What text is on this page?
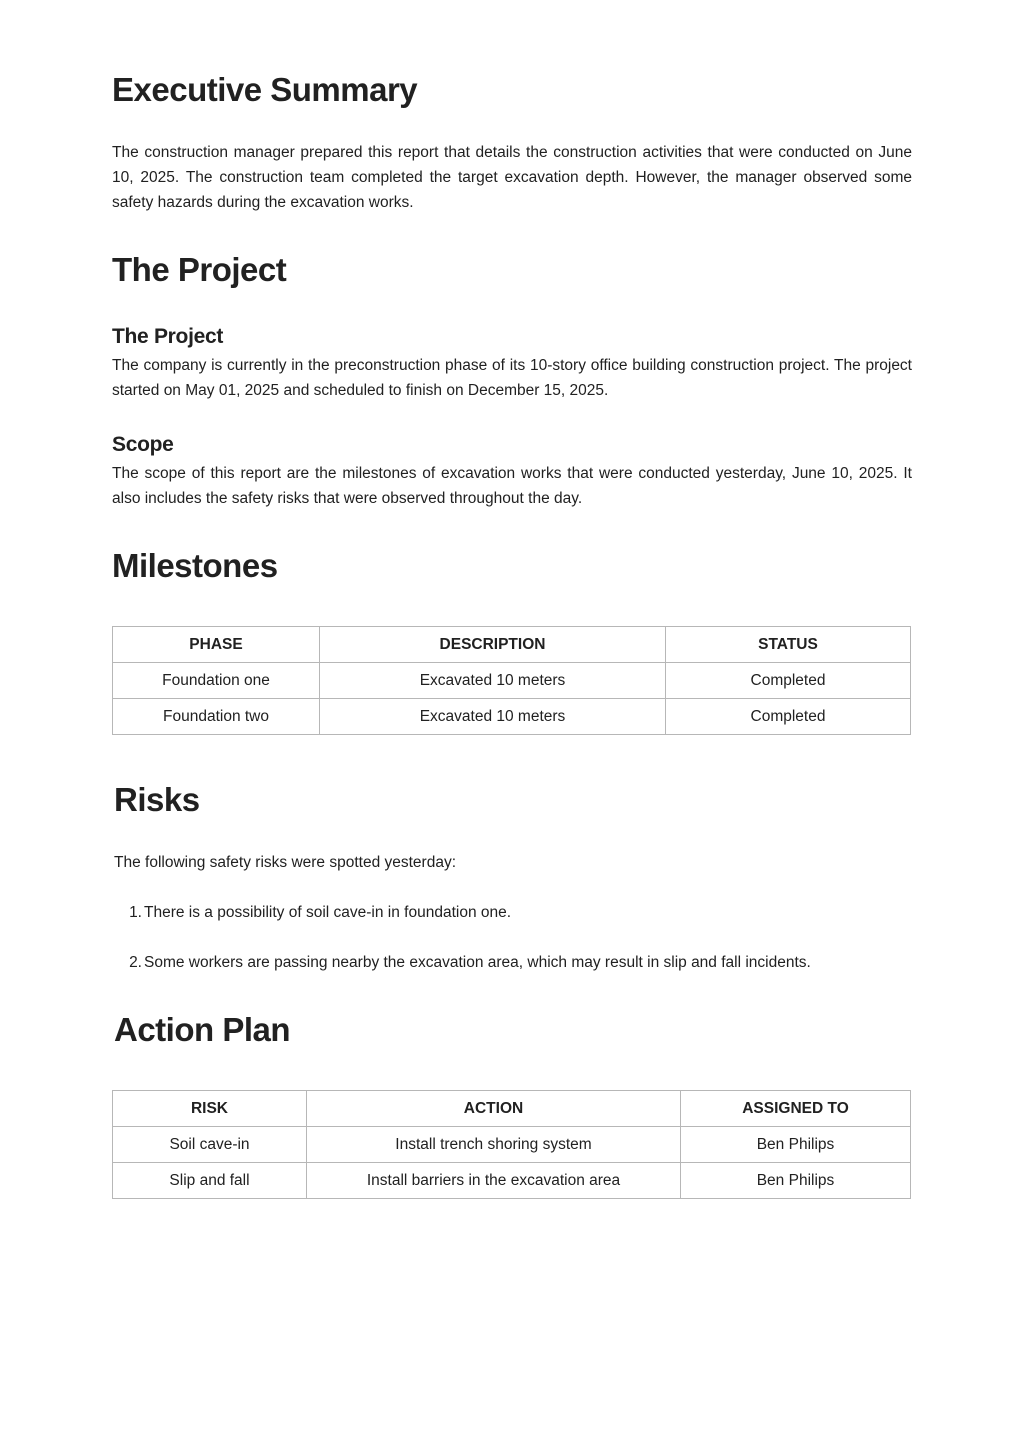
Executive Summary

The construction manager prepared this report that details the construction activities that were conducted on June 10, 2025. The construction team completed the target excavation depth. However, the manager observed some safety hazards during the excavation works.

The Project
The Project

The company is currently in the preconstruction phase of its 10-story office building construction project. The project started on May 01, 2025 and scheduled to finish on December 15, 2025.

Scope

The scope of this report are the milestones of excavation works that were conducted yesterday, June 10, 2025. It also includes the safety risks that were observed throughout the day.

Milestones
PHASE	DESCRIPTION	STATUS
Foundation one	Excavated 10 meters	Completed
Foundation two	Excavated 10 meters	Completed
Risks

The following safety risks were spotted yesterday:

1. There is a possibility of soil cave-in in foundation one.
2. Some workers are passing nearby the excavation area, which may result in slip and fall incidents.
Action Plan
RISK	ACTION	ASSIGNED TO
Soil cave-in	Install trench shoring system	Ben Philips
Slip and fall	Install barriers in the excavation area	Ben Philips
